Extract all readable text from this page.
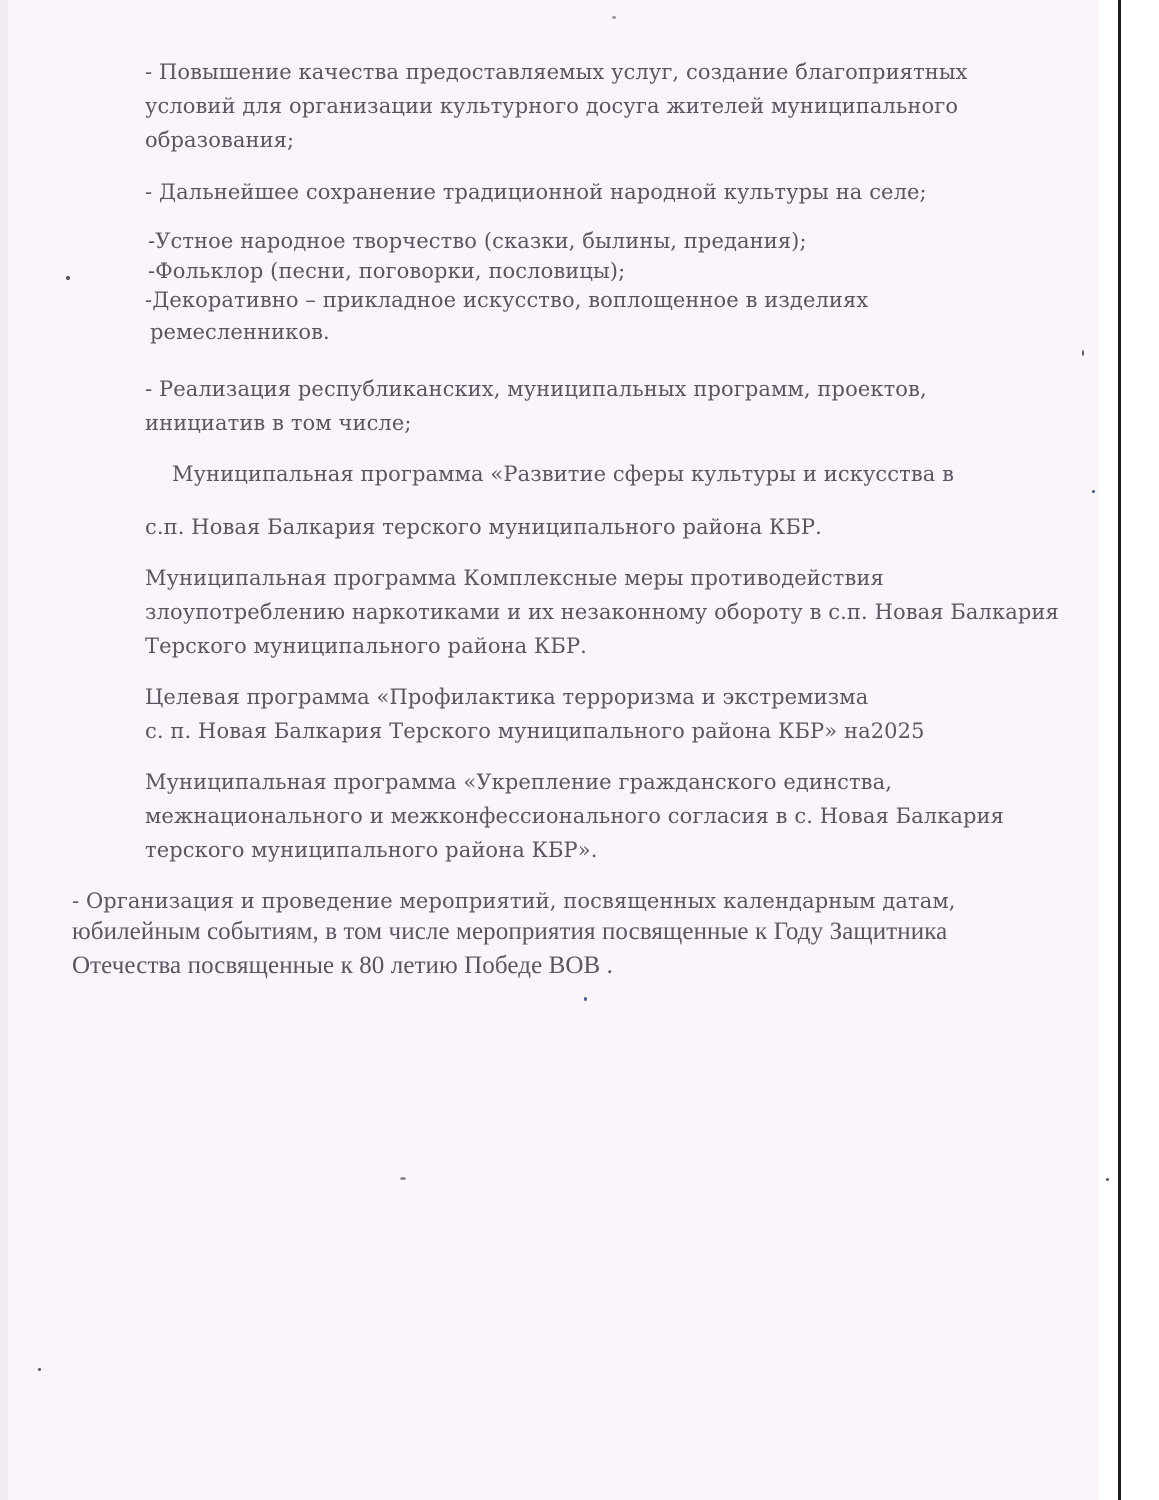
- Повышение качества предоставляемых услуг, создание благоприятных
условий для организации культурного досуга жителей муниципального
образования;
- Дальнейшее сохранение традиционной народной культуры на селе;
-Устное народное творчество (сказки, былины, предания);
-Фольклор (песни, поговорки, пословицы);
-Декоративно – прикладное искусство, воплощенное в изделиях
ремесленников.
- Реализация республиканских, муниципальных программ, проектов,
инициатив в том числе;
Муниципальная программа «Развитие сферы культуры и искусства в
с.п. Новая Балкария терского муниципального района КБР.
Муниципальная программа Комплексные меры противодействия
злоупотреблению наркотиками и их незаконному обороту в с.п. Новая Балкария
Терского муниципального района КБР.
Целевая программа «Профилактика терроризма и экстремизма
с. п. Новая Балкария Терского муниципального района КБР» на2025
Муниципальная программа «Укрепление гражданского единства,
межнационального и межконфессионального согласия в с. Новая Балкария
терского муниципального района КБР».
- Организация и проведение мероприятий, посвященных календарным датам,
юбилейным событиям, в том числе мероприятия посвященные к Году Защитника
Отечества посвященные к 80 летию Победе ВОВ .
